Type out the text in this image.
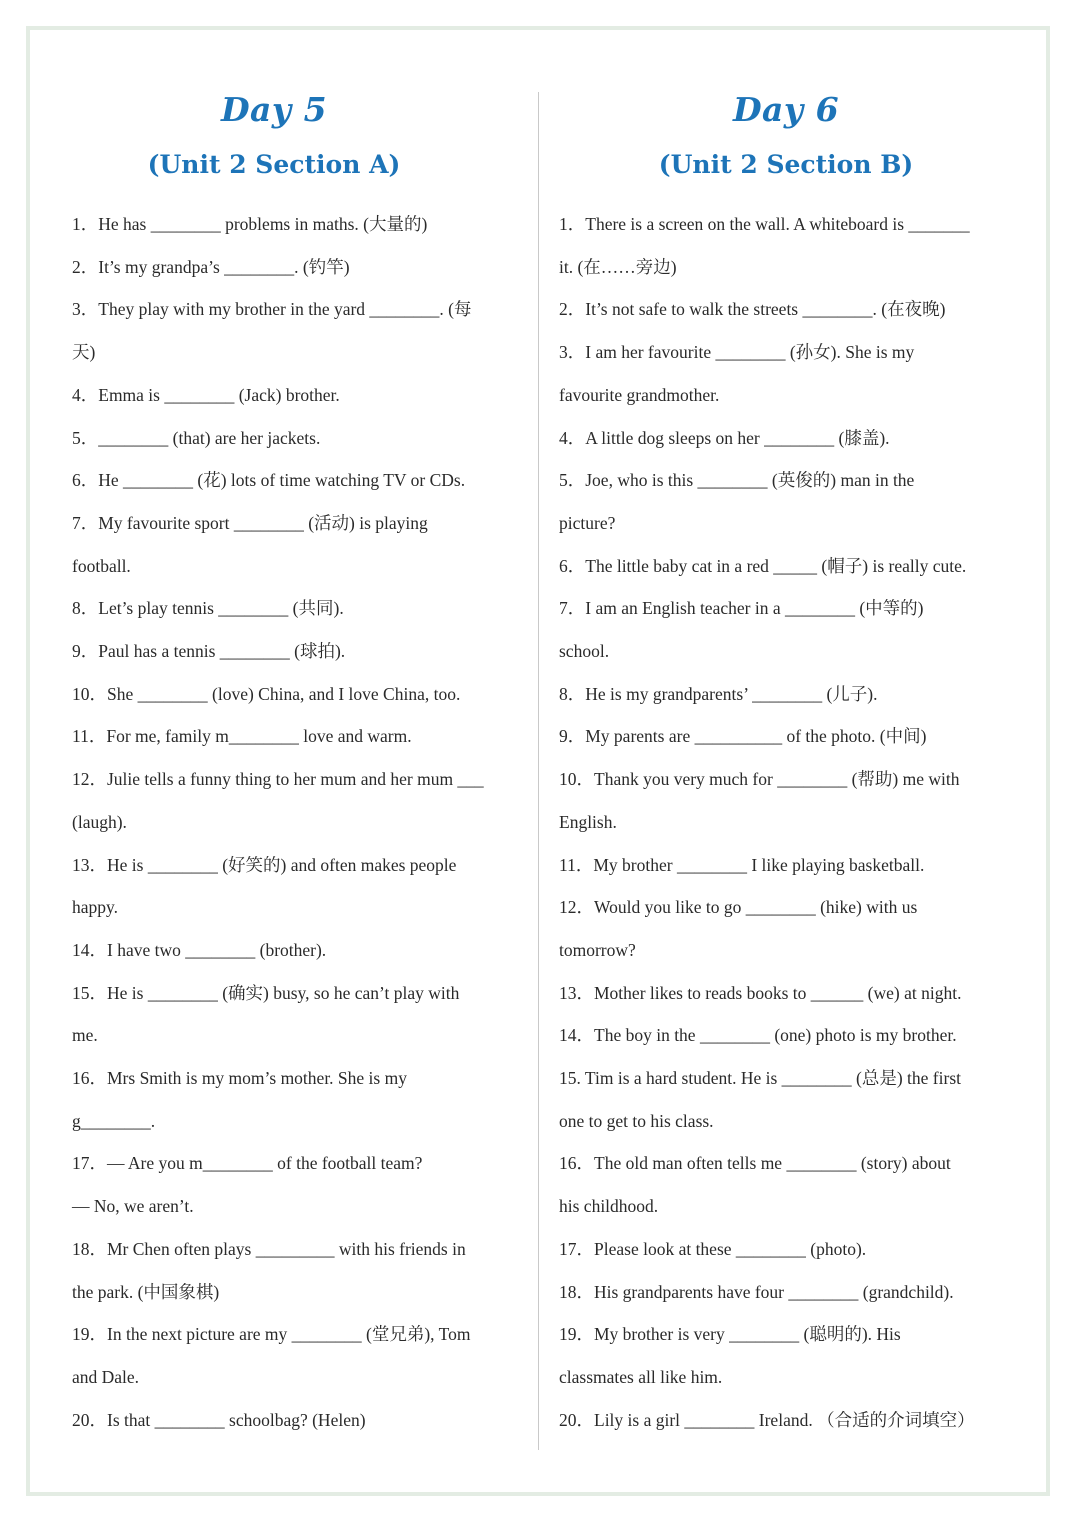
Day 5
(Unit 2 Section A)
1．He has ________ problems in maths. (大量的)
2．It’s my grandpa’s ________. (钓竿)
3．They play with my brother in the yard ________. (每
天)
4．Emma is ________ (Jack) brother.
5．________ (that) are her jackets.
6．He ________ (花) lots of time watching TV or CDs.
7．My favourite sport ________ (活动) is playing
football.
8．Let’s play tennis ________ (共同).
9．Paul has a tennis ________ (球拍).
10．She ________ (love) China, and I love China, too.
11．For me, family m________ love and warm.
12．Julie tells a funny thing to her mum and her mum ___
(laugh).
13．He is ________ (好笑的) and often makes people
happy.
14．I have two ________ (brother).
15．He is ________ (确实) busy, so he can’t play with
me.
16．Mrs Smith is my mom’s mother. She is my
g________.
17．— Are you m________ of the football team?
— No, we aren’t.
18．Mr Chen often plays _________ with his friends in
the park. (中国象棋)
19．In the next picture are my ________ (堂兄弟), Tom
and Dale.
20．Is that ________ schoolbag? (Helen)
Day 6
(Unit 2 Section B)
1．There is a screen on the wall. A whiteboard is _______
it. (在……旁边)
2．It’s not safe to walk the streets ________. (在夜晚)
3．I am her favourite ________ (孙女). She is my
favourite grandmother.
4．A little dog sleeps on her ________ (膝盖).
5．Joe, who is this ________ (英俊的) man in the
picture?
6．The little baby cat in a red _____ (帽子) is really cute.
7．I am an English teacher in a ________ (中等的)
school.
8．He is my grandparents’ ________ (儿子).
9．My parents are __________ of the photo. (中间)
10．Thank you very much for ________ (帮助) me with
English.
11．My brother ________ I like playing basketball.
12．Would you like to go ________ (hike) with us
tomorrow?
13．Mother likes to reads books to ______ (we) at night.
14．The boy in the ________ (one) photo is my brother.
15. Tim is a hard student. He is ________ (总是) the first
one to get to his class.
16．The old man often tells me ________ (story) about
his childhood.
17．Please look at these ________ (photo).
18．His grandparents have four ________ (grandchild).
19．My brother is very ________ (聪明的). His
classmates all like him.
20．Lily is a girl ________ Ireland. （合适的介词填空）
